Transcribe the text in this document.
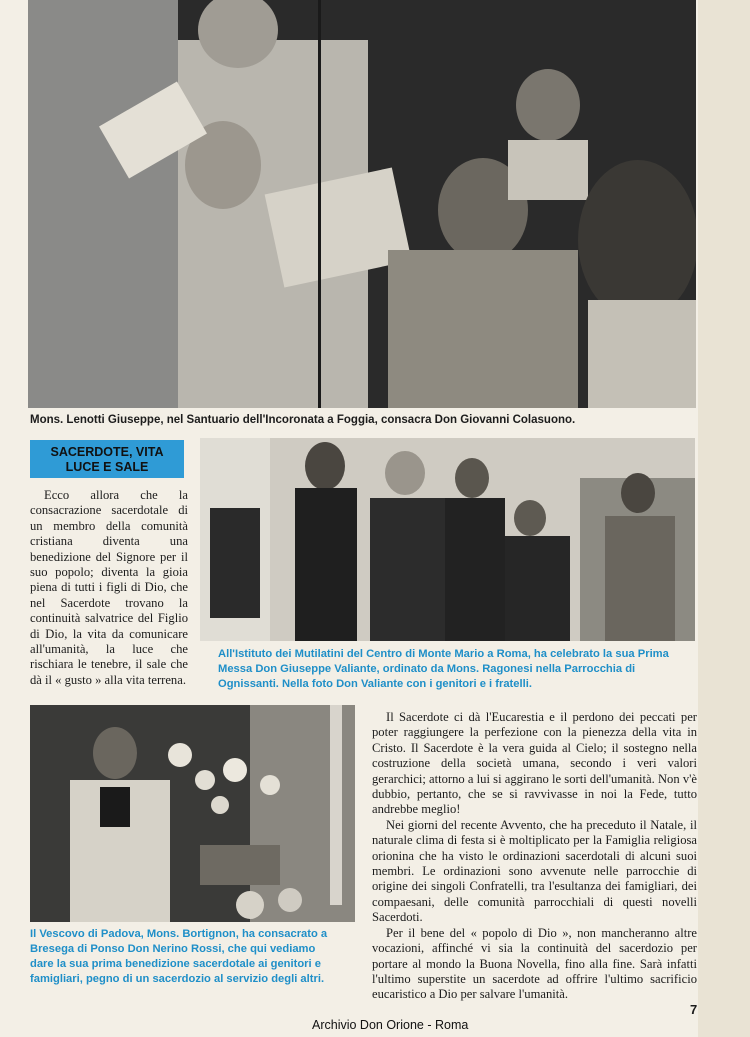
Mons. Lenotti Giuseppe, nel Santuario dell'Incoronata a Foggia, consacra Don Giovanni Colasuono.
SACERDOTE, VITA
LUCE E SALE

Ecco allora che la consacrazione sacerdotale di un membro della comunità cristiana diventa una benedizione del Signore per il suo popolo; diventa la gioia piena di tutti i figli di Dio, che nel Sacerdote trovano la continuità salvatrice del Figlio di Dio, la vita da comunicare all'umanità, la luce che rischiara le tenebre, il sale che dà il « gusto » alla vita terrena.

All'Istituto dei Mutilatini del Centro di Monte Mario a Roma, ha celebrato la sua Prima Messa Don Giuseppe Valiante, ordinato da Mons. Ragonesi nella Parrocchia di Ognissanti. Nella foto Don Valiante con i genitori e i fratelli.
Il Vescovo di Padova, Mons. Bortignon, ha consacrato a Bresega di Ponso Don Nerino Rossi, che qui vediamo dare la sua prima benedizione sacerdotale ai genitori e famigliari, pegno di un sacerdozio al servizio degli altri.

Il Sacerdote ci dà l'Eucarestia e il perdono dei peccati per poter raggiungere la perfezione con la pienezza della vita in Cristo. Il Sacerdote è la vera guida al Cielo; il sostegno nella costruzione della società umana, secondo i veri valori gerarchici; attorno a lui si aggirano le sorti dell'umanità. Non v'è dubbio, pertanto, che se si ravvivasse in noi la Fede, tutto andrebbe meglio!

Nei giorni del recente Avvento, che ha preceduto il Natale, il naturale clima di festa si è moltiplicato per la Famiglia religiosa orionina che ha visto le ordinazioni sacerdotali di alcuni suoi membri. Le ordinazioni sono avvenute nelle parrocchie di origine dei singoli Confratelli, tra l'esultanza dei famigliari, dei compaesani, delle comunità parrocchiali di questi novelli Sacerdoti.

Per il bene del « popolo di Dio », non mancheranno altre vocazioni, affinché vi sia la continuità del sacerdozio per portare al mondo la Buona Novella, fino alla fine. Sarà infatti l'ultimo superstite un sacerdote ad offrire l'ultimo sacrificio eucaristico a Dio per salvare l'umanità.

7
Archivio Don Orione - Roma
